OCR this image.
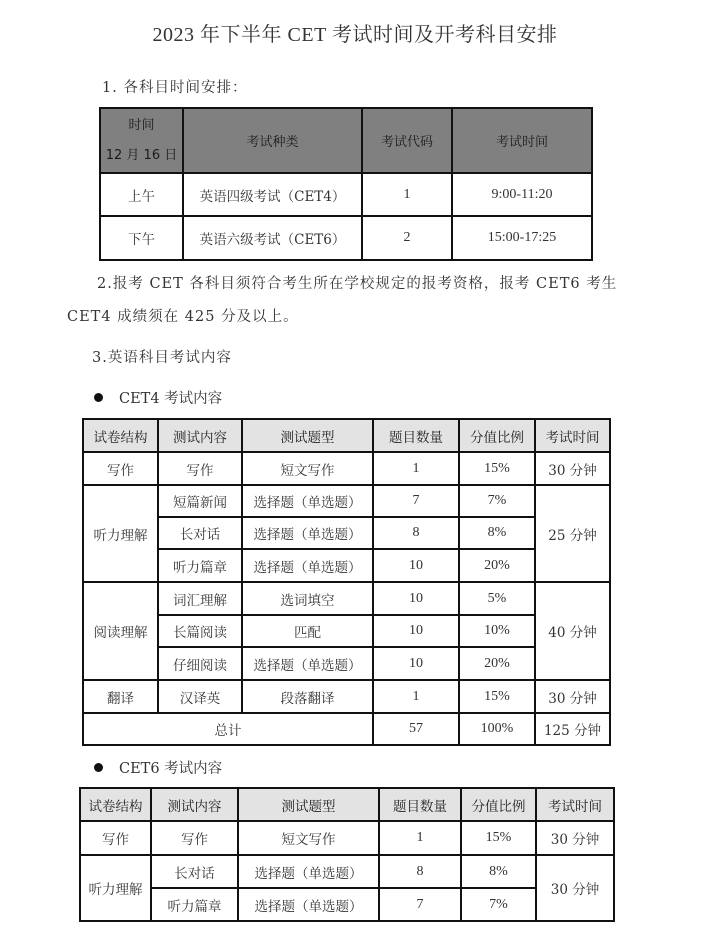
2023 年下半年 CET 考试时间及开考科目安排
1. 各科目时间安排：
时间
12 月 16 日	考试种类	考试代码	考试时间
上午	英语四级考试（CET4）	1	9:00-11:20
下午	英语六级考试（CET6）	2	15:00-17:25
2.报考 CET 各科目须符合考生所在学校规定的报考资格，报考 CET6 考生
CET4 成绩须在 425 分及以上。
3.英语科目考试内容
CET4 考试内容
试卷结构	测试内容	测试题型	题目数量	分值比例	考试时间
写作	写作	短文写作	1	15%	30 分钟
听力理解	短篇新闻	选择题（单选题）	7	7%	25 分钟
	长对话	选择题（单选题）	8	8%	
	听力篇章	选择题（单选题）	10	20%	
阅读理解	词汇理解	选词填空	10	5%	40 分钟
	长篇阅读	匹配	10	10%	
	仔细阅读	选择题（单选题）	10	20%	
翻译	汉译英	段落翻译	1	15%	30 分钟
总计			57	100%	125 分钟
CET6 考试内容
试卷结构	测试内容	测试题型	题目数量	分值比例	考试时间
写作	写作	短文写作	1	15%	30 分钟
听力理解	长对话	选择题（单选题）	8	8%	30 分钟
	听力篇章	选择题（单选题）	7	7%	
